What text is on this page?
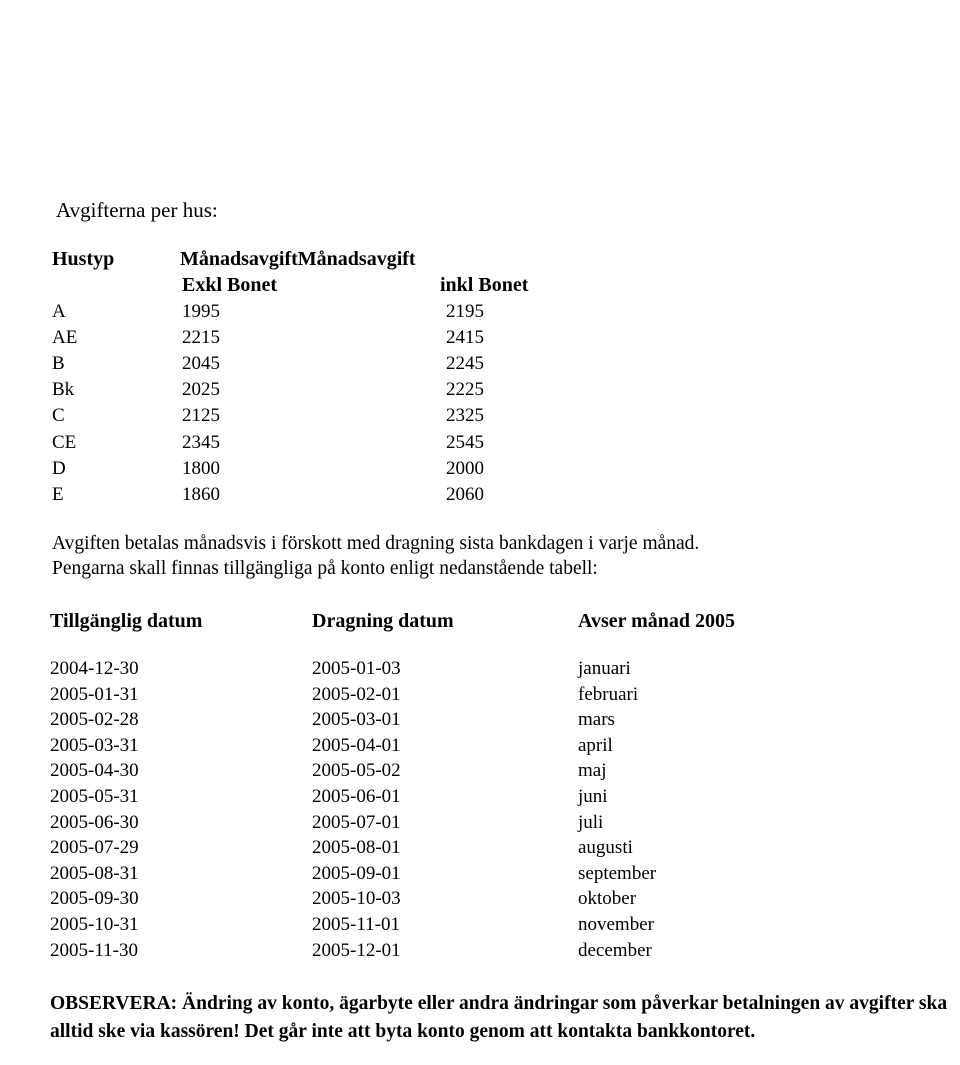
Avgifterna per hus:
Hustyp	MånadsavgiftMånadsavgift
Exkl Bonet	inkl Bonet
A	1995	2195
AE	2215	2415
B	2045	2245
Bk	2025	2225
C	2125	2325
CE	2345	2545
D	1800	2000
E	1860	2060
Avgiften betalas månadsvis i förskott med dragning sista bankdagen i varje månad.
Pengarna skall finnas tillgängliga på konto enligt nedanstående tabell:
Tillgänglig datum	Dragning datum	Avser månad 2005
2004-12-30	2005-01-03	januari
2005-01-31	2005-02-01	februari
2005-02-28	2005-03-01	mars
2005-03-31	2005-04-01	april
2005-04-30	2005-05-02	maj
2005-05-31	2005-06-01	juni
2005-06-30	2005-07-01	juli
2005-07-29	2005-08-01	augusti
2005-08-31	2005-09-01	september
2005-09-30	2005-10-03	oktober
2005-10-31	2005-11-01	november
2005-11-30	2005-12-01	december
OBSERVERA: Ändring av konto, ägarbyte eller andra ändringar som påverkar betalningen av avgifter ska alltid ske via kassören! Det går inte att byta konto genom att kontakta bankkontoret.
